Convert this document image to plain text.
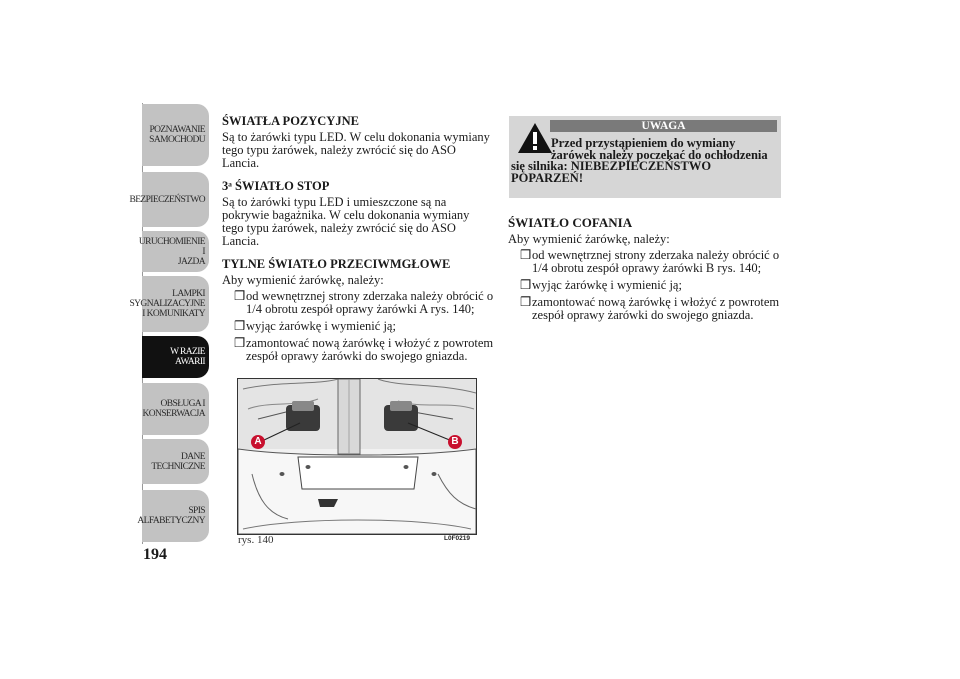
POZNAWANIE
SAMOCHODU
BEZPIECZEŃSTWO
URUCHOMIENIE I
JAZDA
LAMPKI
SYGNALIZACYJNE
I KOMUNIKATY
W RAZIE AWARII
OBSŁUGA I
KONSERWACJA
DANE
TECHNICZNE
SPIS
ALFABETYCZNY
194
ŚWIATŁA POZYCYJNE

Są to żarówki typu LED. W celu dokonania wymiany tego typu żarówek, należy zwrócić się do ASO Lancia.

3ᵃ ŚWIATŁO STOP

Są to żarówki typu LED i umieszczone są na pokrywie bagażnika. W celu dokonania wymiany tego typu żarówek, należy zwrócić się do ASO Lancia.

TYLNE ŚWIATŁO PRZECIWMGŁOWE

Aby wymienić żarówkę, należy:

❒od wewnętrznej strony zderzaka należy obrócić o 1/4 obrotu zespół oprawy żarówki A rys. 140;
❒wyjąc żarówkę i wymienić ją;
❒zamontować nową żarówkę i włożyć z powrotem zespół oprawy żarówki do swojego gniazda.
UWAGA
Przed przystąpieniem do wymiany
żarówek należy poczekać do ochłodzenia
się silnika: NIEBEZPIECZEŃSTWO
POPARZEŃ!
ŚWIATŁO COFANIA

Aby wymienić żarówkę, należy:

❒od wewnętrznej strony zderzaka należy obrócić o 1/4 obrotu zespół oprawy żarówki B rys. 140;
❒wyjąc żarówkę i wymienić ją;
❒zamontować nową żarówkę i włożyć z powrotem zespół oprawy żarówki do swojego gniazda.
A	B
rys. 140	L0F0219
